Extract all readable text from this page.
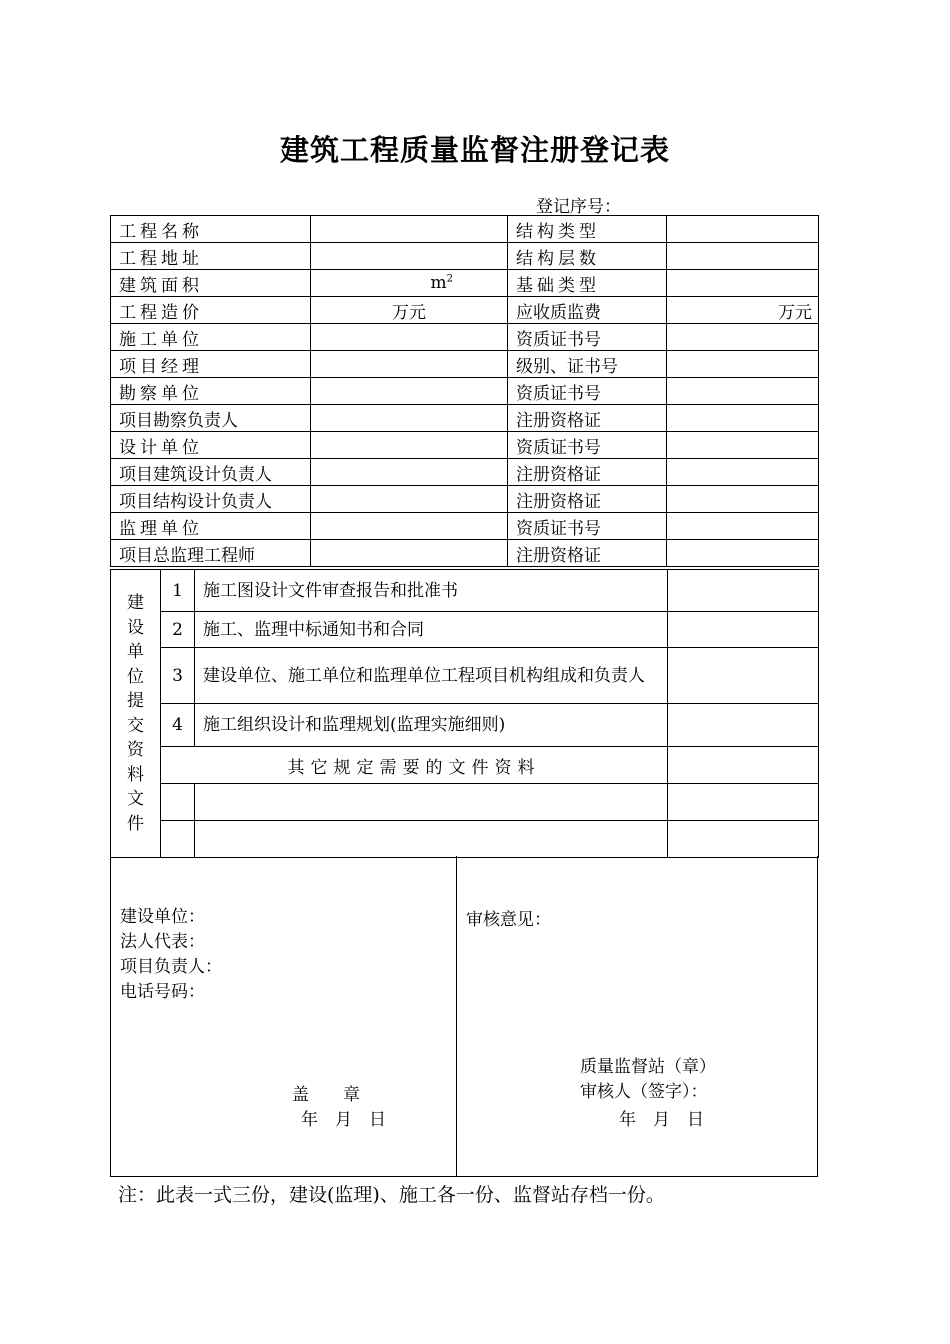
建筑工程质量监督注册登记表
登记序号：
工程名称		结构类型	
工程地址		结构层数	
建筑面积	$m^2$	基础类型	
工程造价	万元	应收质监费	万元
施工单位		资质证书号	
项目经理		级别、证书号	
勘察单位		资质证书号	
项目勘察负责人		注册资格证	
设计单位		资质证书号	
项目建筑设计负责人		注册资格证	
项目结构设计负责人		注册资格证	
监理单位		资质证书号	
项目总监理工程师		注册资格证	
建设单位提交资料文件	1	施工图设计文件审查报告和批准书	
	2	施工、监理中标通知书和合同	
	3	建设单位、施工单位和监理单位工程项目机构组成和负责人	
	4	施工组织设计和监理规划(监理实施细则)	
	其它规定需要的文件资料		

建设单位：
法人代表：
项目负责人：
电话号码：
盖　　章
年　月　日
审核意见：
质量监督站（章）
审核人（签字）：
年　月　日
注：此表一式三份，建设(监理)、施工各一份、监督站存档一份。
